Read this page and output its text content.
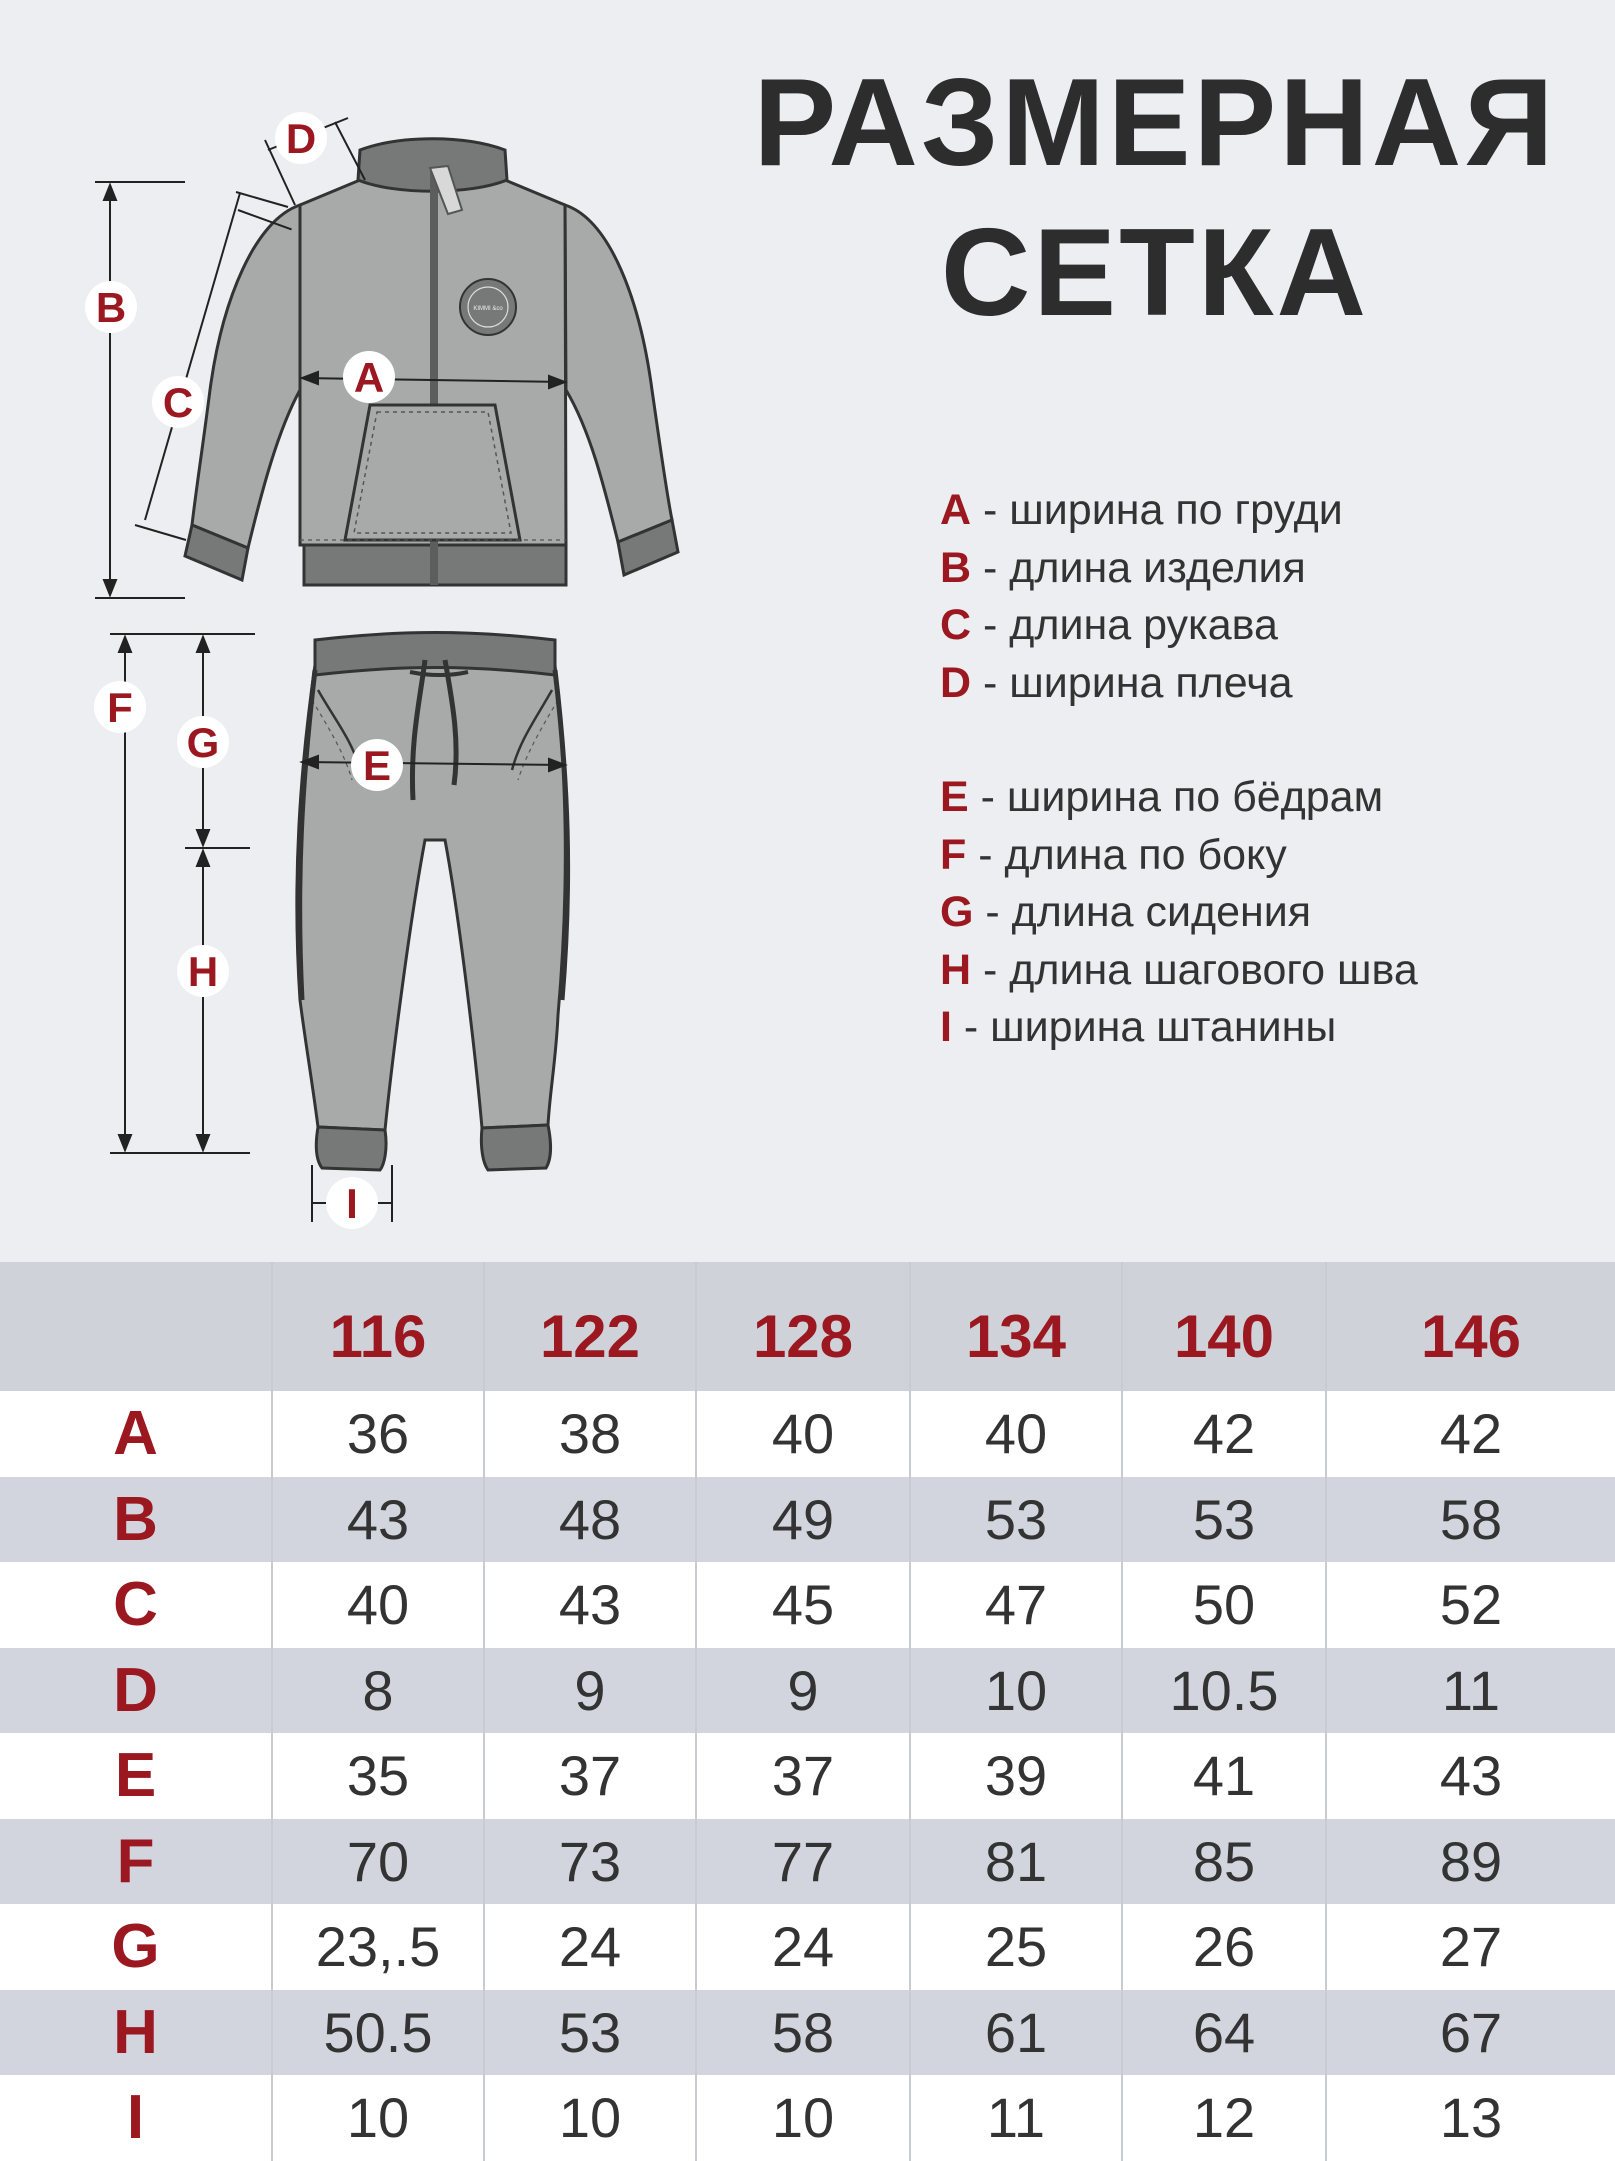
РАЗМЕРНАЯ
СЕТКА
KIMMI &co
A
B
C
D
E
F
G
H
I
A - ширина по груди
B - длина изделия
C - длина рукава
D - ширина плеча
E - ширина по бёдрам
F - длина по боку
G - длина сидения
H - длина шагового шва
I - ширина штанины
	116	122	128	134	140	146
A	36	38	40	40	42	42
B	43	48	49	53	53	58
C	40	43	45	47	50	52
D	8	9	9	10	10.5	11
E	35	37	37	39	41	43
F	70	73	77	81	85	89
G	23,.5	24	24	25	26	27
H	50.5	53	58	61	64	67
I	10	10	10	11	12	13
